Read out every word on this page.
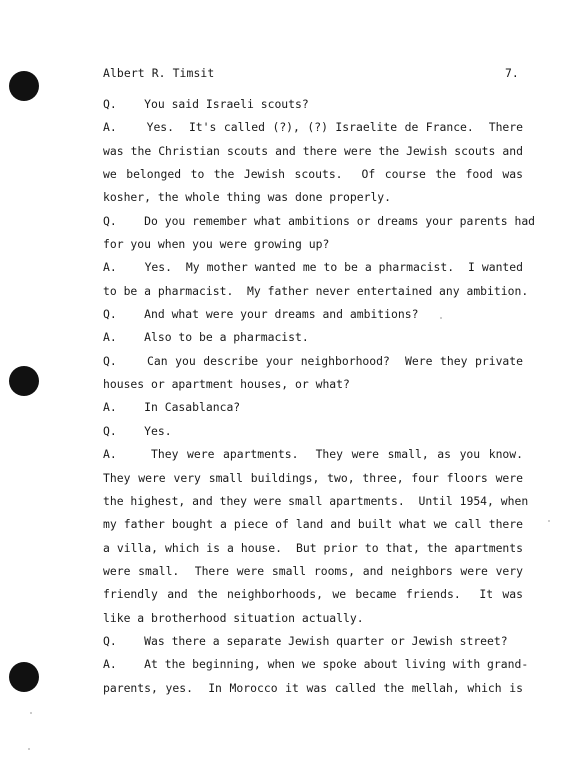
Albert R. Timsit	7.
Q.    You said Israeli scouts?
A.    Yes.  It's called (?), (?) Israelite de France.  There
was the Christian scouts and there were the Jewish scouts and
we belonged to the Jewish scouts.  Of course the food was
kosher, the whole thing was done properly.
Q.    Do you remember what ambitions or dreams your parents had
for you when you were growing up?
A.    Yes.  My mother wanted me to be a pharmacist.  I wanted
to be a pharmacist.  My father never entertained any ambition.
Q.    And what were your dreams and ambitions?
A.    Also to be a pharmacist.
Q.    Can you describe your neighborhood?  Were they private
houses or apartment houses, or what?
A.    In Casablanca?
Q.    Yes.
A.    They were apartments.  They were small, as you know.
They were very small buildings, two, three, four floors were
the highest, and they were small apartments.  Until 1954, when
my father bought a piece of land and built what we call there
a villa, which is a house.  But prior to that, the apartments
were small.  There were small rooms, and neighbors were very
friendly and the neighborhoods, we became friends.  It was
like a brotherhood situation actually.
Q.    Was there a separate Jewish quarter or Jewish street?
A.    At the beginning, when we spoke about living with grand-
parents, yes.  In Morocco it was called the mellah, which is
